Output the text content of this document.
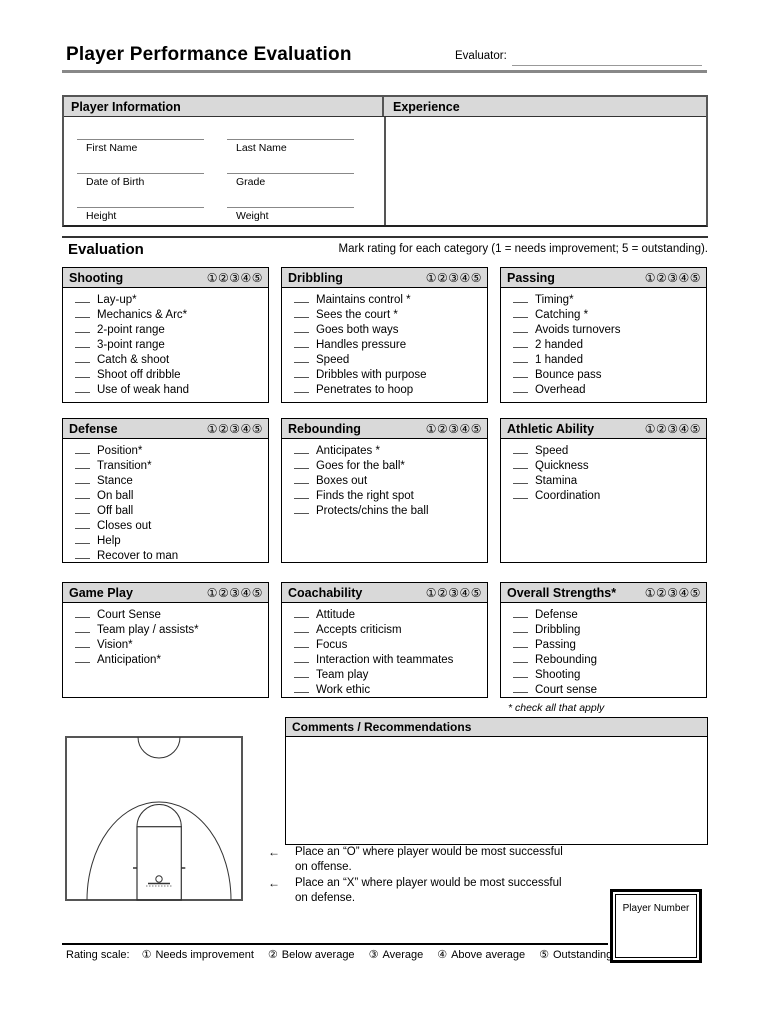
Player Performance Evaluation	Evaluator:
Player Information	Experience
First Name	Last Name
Date of Birth	Grade
Height	Weight
Evaluation	Mark rating for each category (1 = needs improvement; 5 = outstanding).
Shooting	①②③④⑤
Lay-up*
Mechanics & Arc*
2-point range
3-point range
Catch & shoot
Shoot off dribble
Use of weak hand
Dribbling	①②③④⑤
Maintains control *
Sees the court *
Goes both ways
Handles pressure
Speed
Dribbles with purpose
Penetrates to hoop
Passing	①②③④⑤
Timing*
Catching *
Avoids turnovers
2 handed
1 handed
Bounce pass
Overhead
Defense	①②③④⑤
Position*
Transition*
Stance
On ball
Off ball
Closes out
Help
Recover to man
Rebounding	①②③④⑤
Anticipates *
Goes for the ball*
Boxes out
Finds the right spot
Protects/chins the ball
Athletic Ability	①②③④⑤
Speed
Quickness
Stamina
Coordination
Game Play	①②③④⑤
Court Sense
Team play / assists*
Vision*
Anticipation*
Coachability	①②③④⑤
Attitude
Accepts criticism
Focus
Interaction with teammates
Team play
Work ethic
Overall Strengths* ①②③④⑤
Defense
Dribbling
Passing
Rebounding
Shooting
Court sense
* check all that apply
Comments / Recommendations
← Place an “O” where player would be most successful
on offense.
← Place an “X” where player would be most successful
on defense.
Player Number
Rating scale: ① Needs improvement ② Below average ③ Average ④ Above average ⑤ Outstanding
